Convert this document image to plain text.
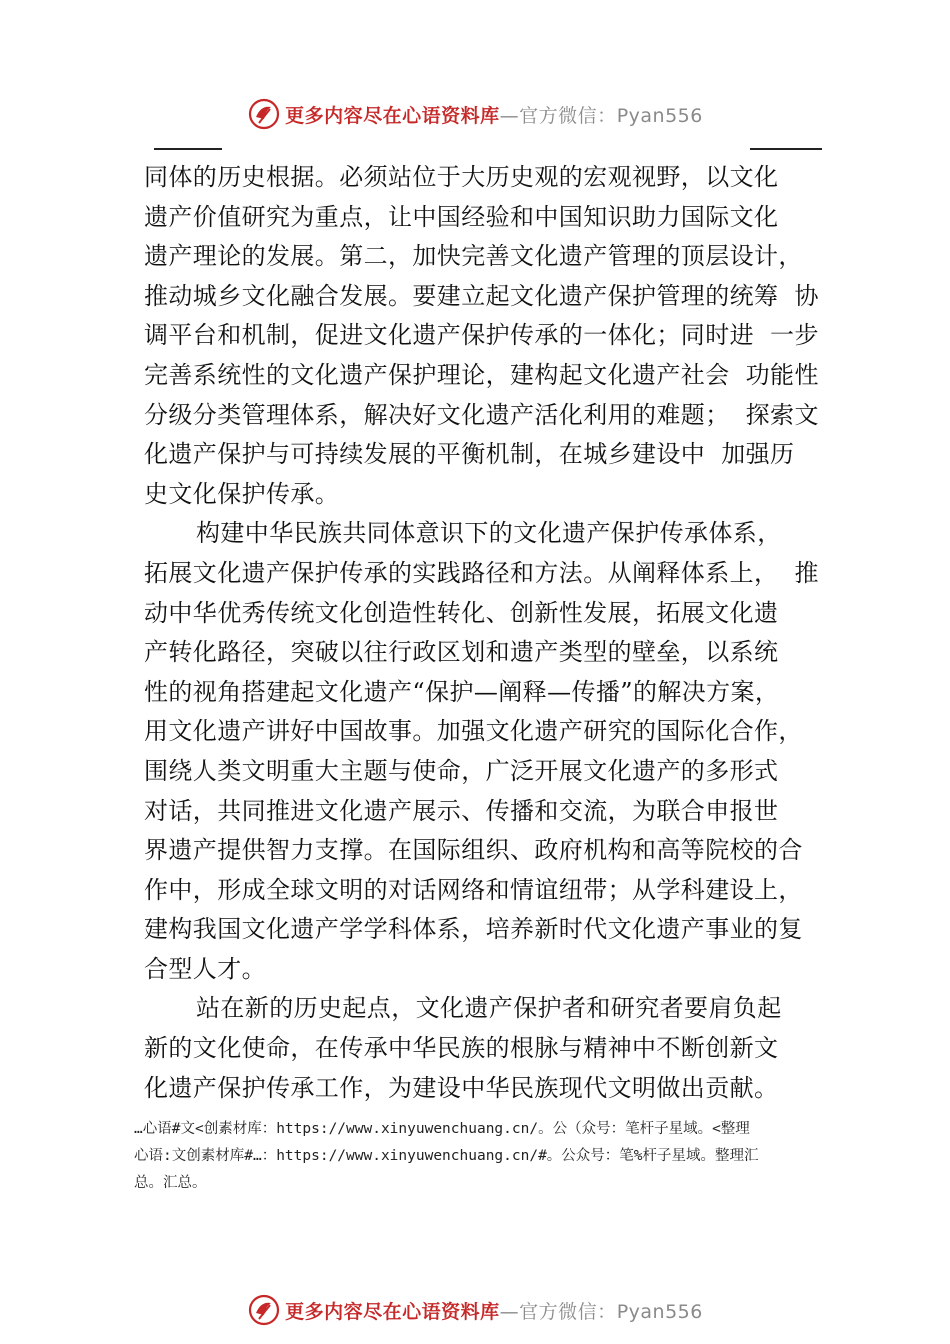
更多内容尽在心语资料库—官方微信：Pyan556
同体的历史根据。必须站位于大历史观的宏观视野，以文化
遗产价值研究为重点，让中国经验和中国知识助力国际文化
遗产理论的发展。第二，加快完善文化遗产管理的顶层设计，
推动城乡文化融合发展。要建立起文化遗产保护管理的统筹  协
调平台和机制，促进文化遗产保护传承的一体化；同时进  一步
完善系统性的文化遗产保护理论，建构起文化遗产社会  功能性
分级分类管理体系，解决好文化遗产活化利用的难题；  探索文
化遗产保护与可持续发展的平衡机制，在城乡建设中  加强历
史文化保护传承。
构建中华民族共同体意识下的文化遗产保护传承体系，
拓展文化遗产保护传承的实践路径和方法。从阐释体系上，  推
动中华优秀传统文化创造性转化、创新性发展，拓展文化遗
产转化路径，突破以往行政区划和遗产类型的壁垒，以系统
性的视角搭建起文化遗产“保护—阐释—传播”的解决方案，
用文化遗产讲好中国故事。加强文化遗产研究的国际化合作，
围绕人类文明重大主题与使命，广泛开展文化遗产的多形式
对话，共同推进文化遗产展示、传播和交流，为联合申报世
界遗产提供智力支撑。在国际组织、政府机构和高等院校的合
作中，形成全球文明的对话网络和情谊纽带；从学科建设上，
建构我国文化遗产学学科体系，培养新时代文化遗产事业的复
合型人才。
站在新的历史起点，文化遗产保护者和研究者要肩负起
新的文化使命，在传承中华民族的根脉与精神中不断创新文
化遗产保护传承工作，为建设中华民族现代文明做出贡献。
…心语#文<创素材库：https://www.xinyuwenchuang.cn/。公（众号：笔杆子星域。<整理
心语:文创素材库#…：https://www.xinyuwenchuang.cn/#。公众号：笔%杆子星域。整理汇
总。汇总。
更多内容尽在心语资料库—官方微信：Pyan556
